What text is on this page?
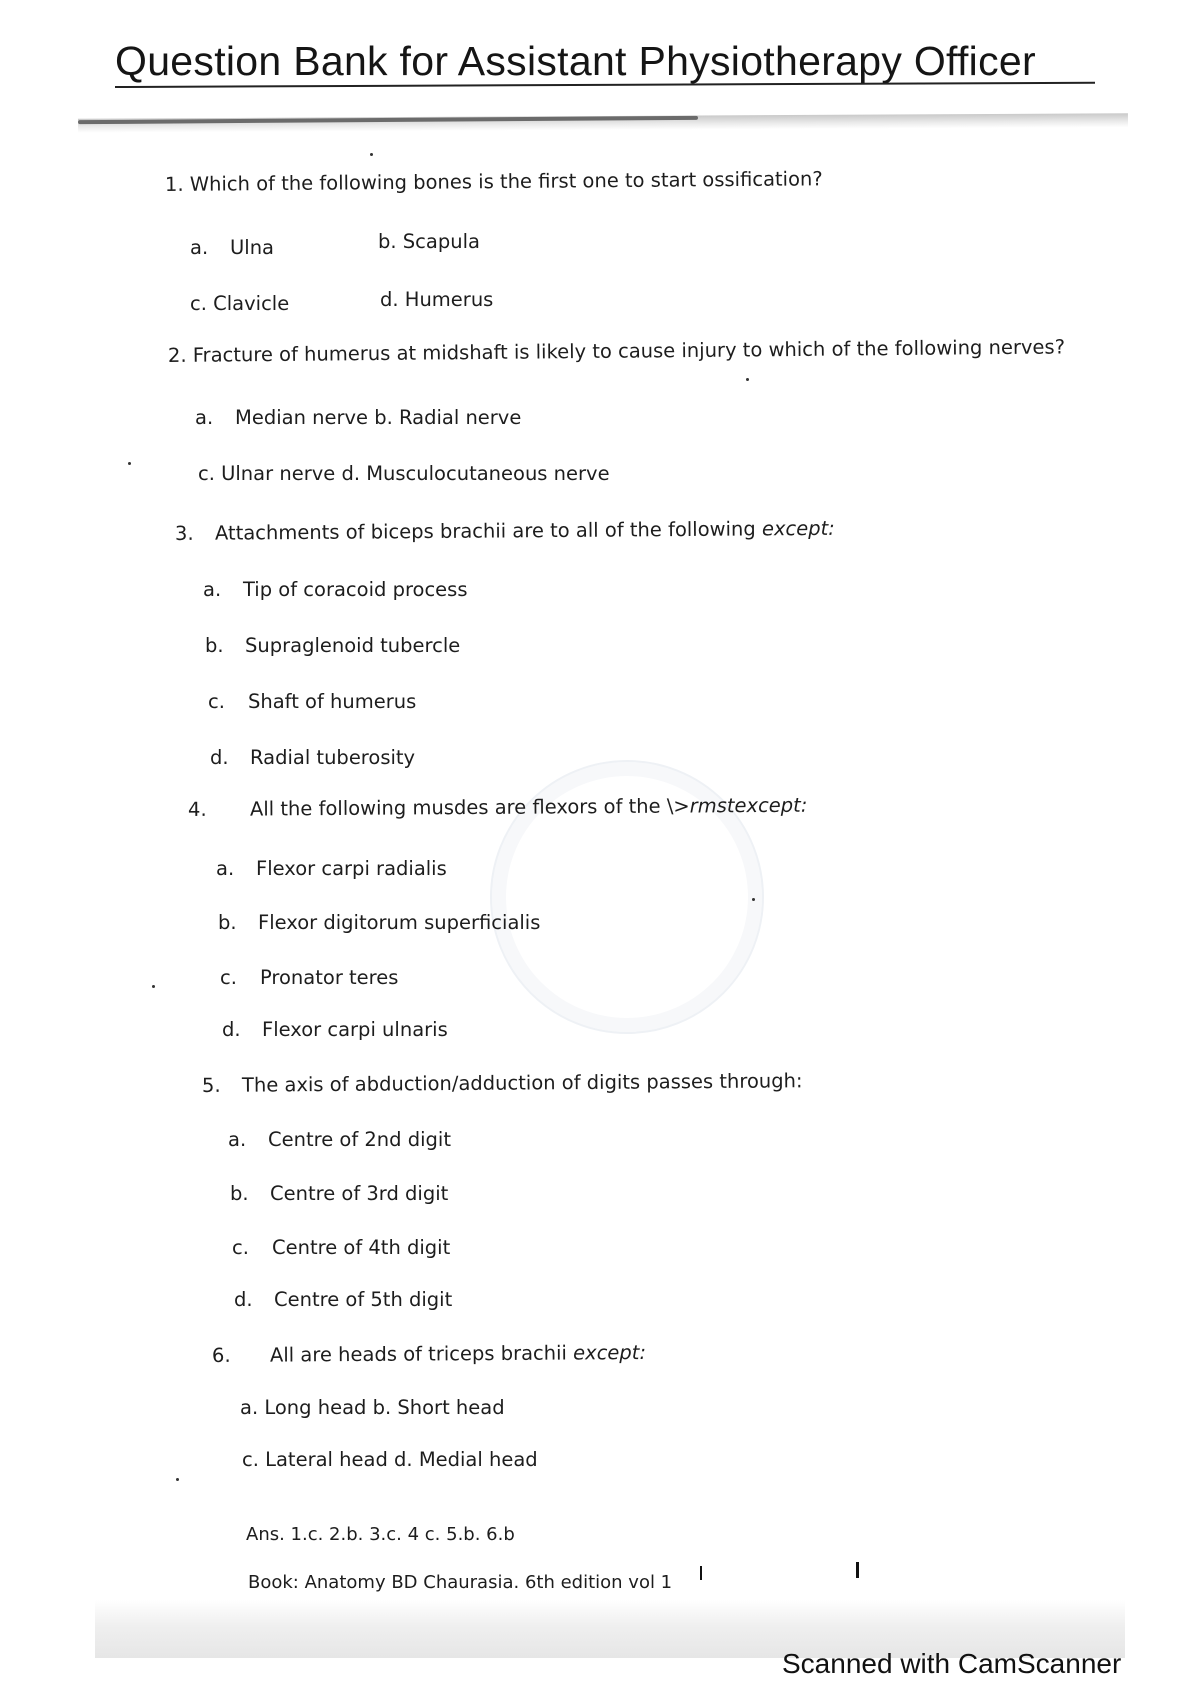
Question Bank for Assistant Physiotherapy Officer
1. Which of the following bones is the first one to start ossification?
a. Ulna	b. Scapula
c. Clavicle	d. Humerus
2. Fracture of humerus at midshaft is likely to cause injury to which of the following nerves?
a. Median nerve b. Radial nerve
c. Ulnar nerve d. Musculocutaneous nerve
3. Attachments of biceps brachii are to all of the following except:
a. Tip of coracoid process
b. Supraglenoid tubercle
c. Shaft of humerus
d. Radial tuberosity
4. All the following musdes are flexors of the \>rmstexcept:
a. Flexor carpi radialis
b. Flexor digitorum superficialis
c. Pronator teres
d. Flexor carpi ulnaris
5. The axis of abduction/adduction of digits passes through:
a. Centre of 2nd digit
b. Centre of 3rd digit
c. Centre of 4th digit
d. Centre of 5th digit
6. All are heads of triceps brachii except:
a. Long head b. Short head
c. Lateral head d. Medial head
Ans. 1.c. 2.b. 3.c. 4 c. 5.b. 6.b
Book: Anatomy BD Chaurasia. 6th edition vol 1
Scanned with CamScanner
